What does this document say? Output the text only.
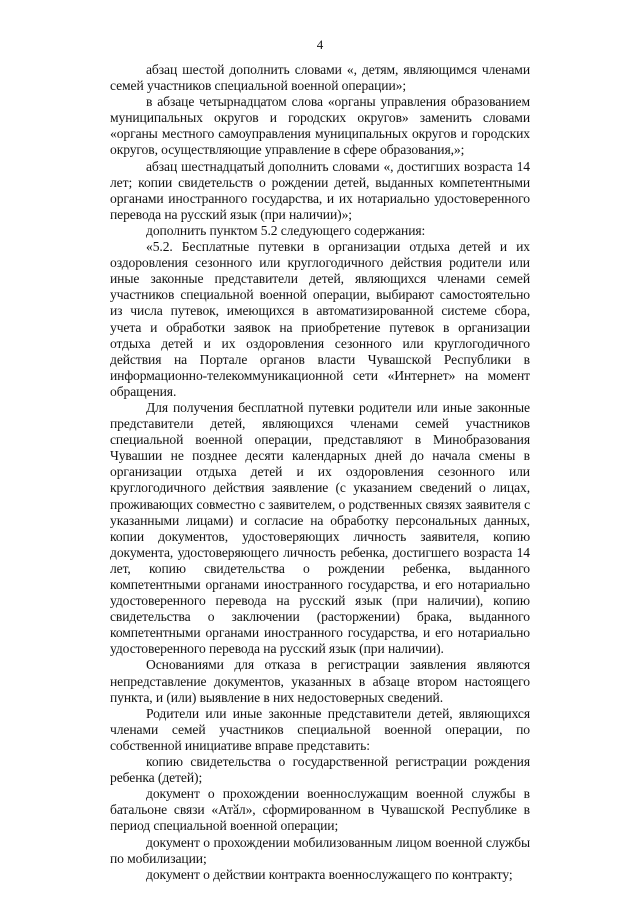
4

абзац шестой дополнить словами «, детям, являющимся членами семей участников специальной военной операции»;

в абзаце четырнадцатом слова «органы управления образованием муниципальных округов и городских округов» заменить словами «органы местного самоуправления муниципальных округов и городских округов, осуществляющие управление в сфере образования,»;

абзац шестнадцатый дополнить словами «, достигших возраста 14 лет; копии свидетельств о рождении детей, выданных компетентными органами иностранного государства, и их нотариально удостоверенного перевода на русский язык (при наличии)»;

дополнить пунктом 5.2 следующего содержания:

«5.2. Бесплатные путевки в организации отдыха детей и их оздоровления сезонного или круглогодичного действия родители или иные законные представители детей, являющихся членами семей участников специальной военной операции, выбирают самостоятельно из числа путевок, имеющихся в автоматизированной системе сбора, учета и обработки заявок на приобретение путевок в организации отдыха детей и их оздоровления сезонного или круглогодичного действия на Портале органов власти Чувашской Республики в информационно-телекоммуникационной сети «Интернет» на момент обращения.

Для получения бесплатной путевки родители или иные законные представители детей, являющихся членами семей участников специальной военной операции, представляют в Минобразования Чувашии не позднее десяти календарных дней до начала смены в организации отдыха детей и их оздоровления сезонного или круглогодичного действия заявление (с указанием сведений о лицах, проживающих совместно с заявителем, о родственных связях заявителя с указанными лицами) и согласие на обработку персональных данных, копии документов, удостоверяющих личность заявителя, копию документа, удостоверяющего личность ребенка, достигшего возраста 14 лет, копию свидетельства о рождении ребенка, выданного компетентными органами иностранного государства, и его нотариально удостоверенного перевода на русский язык (при наличии), копию свидетельства о заключении (расторжении) брака, выданного компетентными органами иностранного государства, и его нотариально удостоверенного перевода на русский язык (при наличии).

Основаниями для отказа в регистрации заявления являются непредставление документов, указанных в абзаце втором настоящего пункта, и (или) выявление в них недостоверных сведений.

Родители или иные законные представители детей, являющихся членами семей участников специальной военной операции, по собственной инициативе вправе представить:

копию свидетельства о государственной регистрации рождения ребенка (детей);

документ о прохождении военнослужащим военной службы в батальоне связи «Атӑл», сформированном в Чувашской Республике в период специальной военной операции;

документ о прохождении мобилизованным лицом военной службы по мобилизации;

документ о действии контракта военнослужащего по контракту;
